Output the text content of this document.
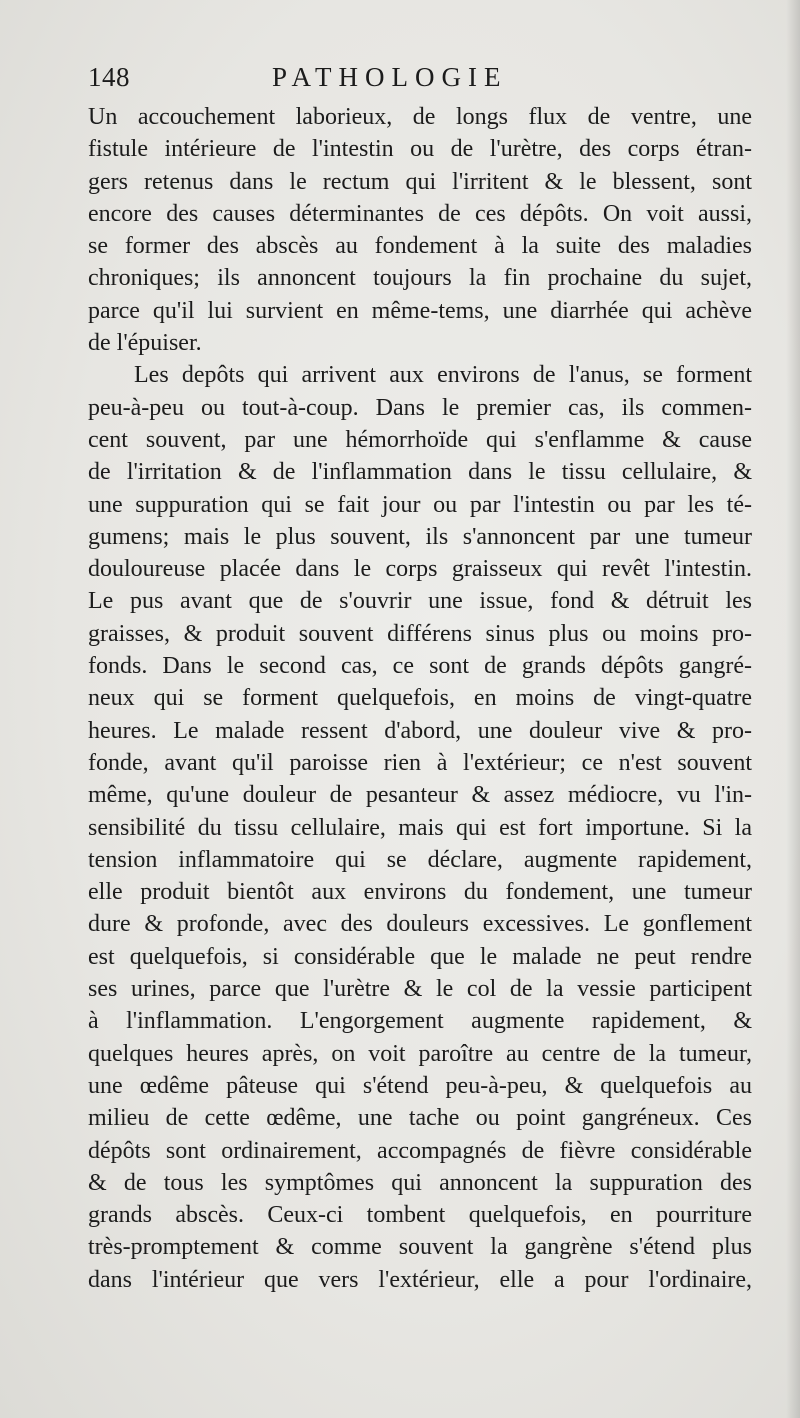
148	PATHOLOGIE
Un accouchement laborieux, de longs flux de ventre, une
fistule intérieure de l'intestin ou de l'urètre, des corps étran-
gers retenus dans le rectum qui l'irritent & le blessent, sont
encore des causes déterminantes de ces dépôts. On voit aussi,
se former des abscès au fondement à la suite des maladies
chroniques; ils annoncent toujours la fin prochaine du sujet,
parce qu'il lui survient en même-tems, une diarrhée qui achève
de l'épuiser.
Les depôts qui arrivent aux environs de l'anus, se forment
peu-à-peu ou tout-à-coup. Dans le premier cas, ils commen-
cent souvent, par une hémorrhoïde qui s'enflamme & cause
de l'irritation & de l'inflammation dans le tissu cellulaire, &
une suppuration qui se fait jour ou par l'intestin ou par les té-
gumens; mais le plus souvent, ils s'annoncent par une tumeur
douloureuse placée dans le corps graisseux qui revêt l'intestin.
Le pus avant que de s'ouvrir une issue, fond & détruit les
graisses, & produit souvent différens sinus plus ou moins pro-
fonds. Dans le second cas, ce sont de grands dépôts gangré-
neux qui se forment quelquefois, en moins de vingt-quatre
heures. Le malade ressent d'abord, une douleur vive & pro-
fonde, avant qu'il paroisse rien à l'extérieur; ce n'est souvent
même, qu'une douleur de pesanteur & assez médiocre, vu l'in-
sensibilité du tissu cellulaire, mais qui est fort importune. Si la
tension inflammatoire qui se déclare, augmente rapidement,
elle produit bientôt aux environs du fondement, une tumeur
dure & profonde, avec des douleurs excessives. Le gonflement
est quelquefois, si considérable que le malade ne peut rendre
ses urines, parce que l'urètre & le col de la vessie participent
à l'inflammation. L'engorgement augmente rapidement, &
quelques heures après, on voit paroître au centre de la tumeur,
une œdême pâteuse qui s'étend peu-à-peu, & quelquefois au
milieu de cette œdême, une tache ou point gangréneux. Ces
dépôts sont ordinairement, accompagnés de fièvre considérable
& de tous les symptômes qui annoncent la suppuration des
grands abscès. Ceux-ci tombent quelquefois, en pourriture
très-promptement & comme souvent la gangrène s'étend plus
dans l'intérieur que vers l'extérieur, elle a pour l'ordinaire,
